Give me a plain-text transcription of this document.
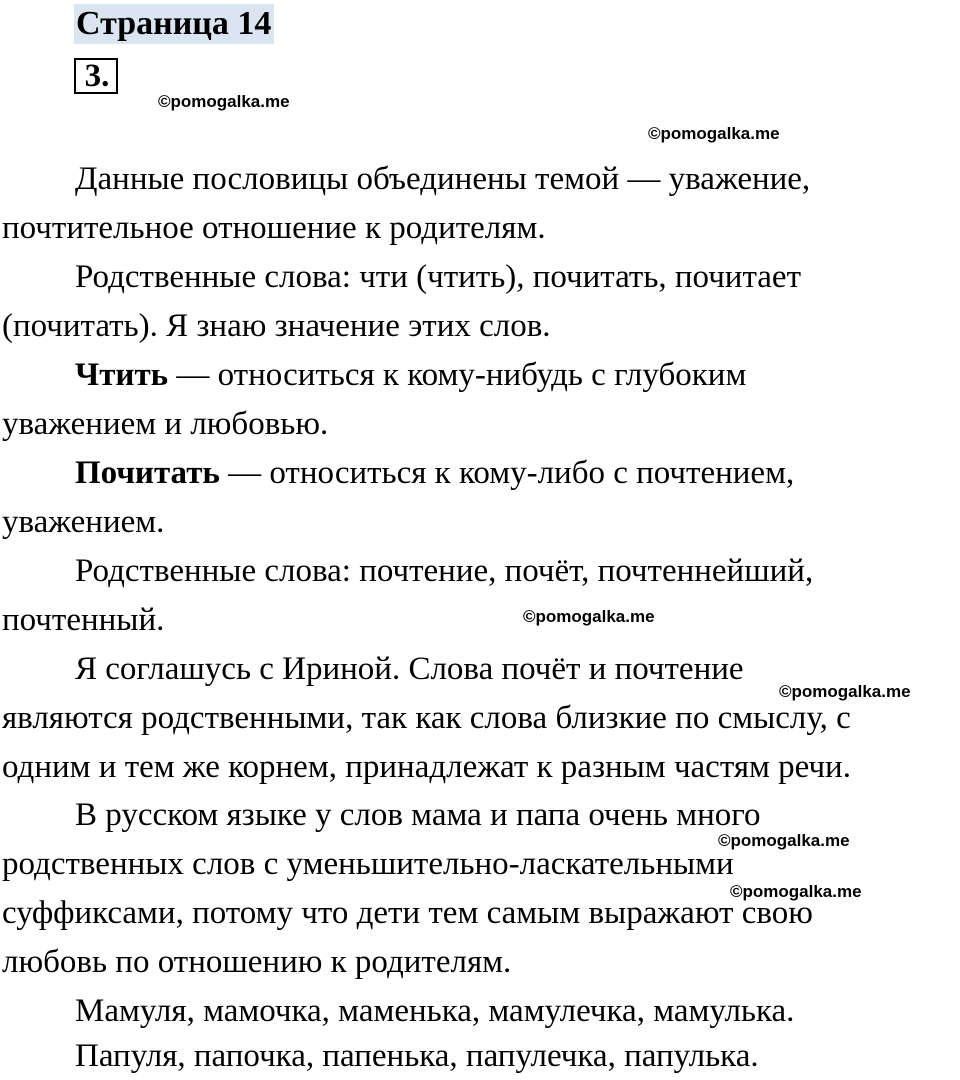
Страница 14
3.
©pomogalka.me
©pomogalka.me
©pomogalka.me
©pomogalka.me
©pomogalka.me
©pomogalka.me
Данные пословицы объединены темой — уважение,
почтительное отношение к родителям.
Родственные слова: чти (чтить), почитать, почитает
(почитать). Я знаю значение этих слов.
Чтить — относиться к кому-нибудь с глубоким
уважением и любовью.
Почитать — относиться к кому-либо с почтением,
уважением.
Родственные слова: почтение, почёт, почтеннейший,
почтенный.
Я соглашусь с Ириной. Слова почёт и почтение
являются родственными, так как слова близкие по смыслу, с
одним и тем же корнем, принадлежат к разным частям речи.
В русском языке у слов мама и папа очень много
родственных слов с уменьшительно-ласкательными
суффиксами, потому что дети тем самым выражают свою
любовь по отношению к родителям.
Мамуля, мамочка, маменька, мамулечка, мамулька.
Папуля, папочка, папенька, папулечка, папулька.
